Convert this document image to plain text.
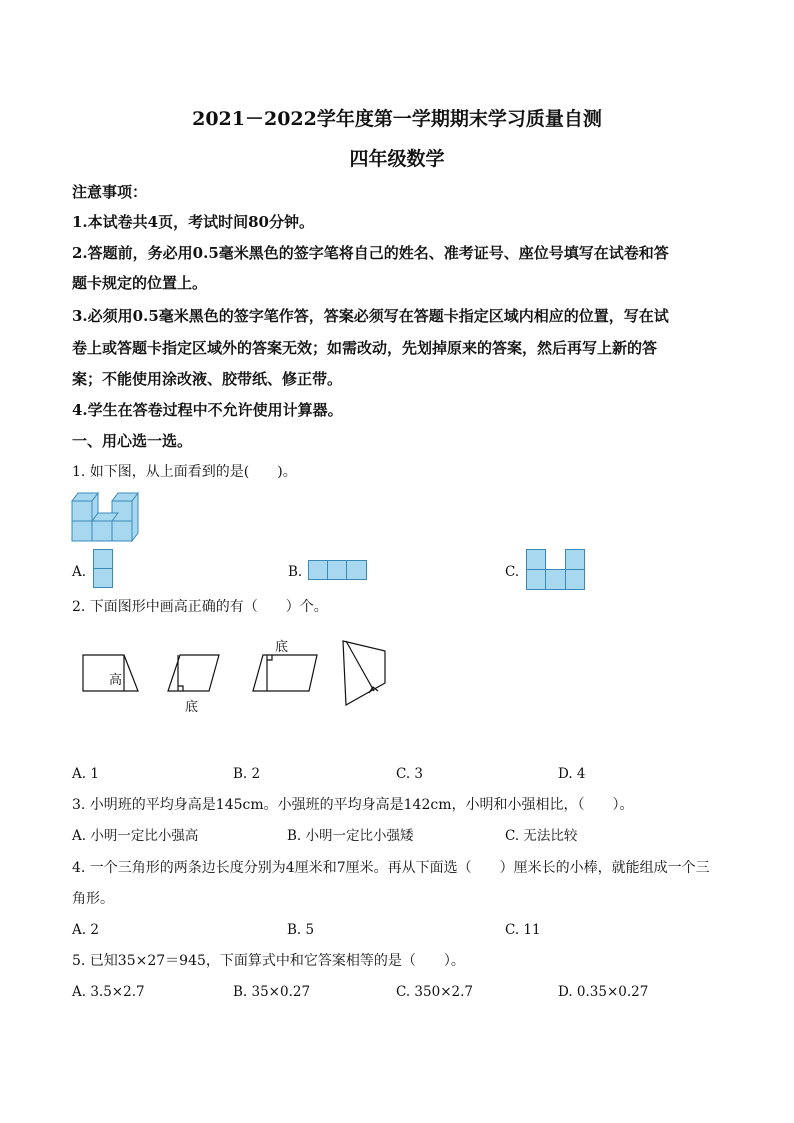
2021－2022学年度第一学期期末学习质量自测
四年级数学
注意事项：
1.本试卷共4页，考试时间80分钟。
2.答题前，务必用0.5毫米黑色的签字笔将自己的姓名、准考证号、座位号填写在试卷和答
题卡规定的位置上。
3.必须用0.5毫米黑色的签字笔作答，答案必须写在答题卡指定区域内相应的位置，写在试
卷上或答题卡指定区域外的答案无效；如需改动，先划掉原来的答案，然后再写上新的答
案；不能使用涂改液、胶带纸、修正带。
4.学生在答卷过程中不允许使用计算器。
一、用心选一选。
1. 如下图，从上面看到的是(　　)。
A.	B.	C.
2. 下面图形中画高正确的有（　　）个。
高
底
底
A. 1	B. 2	C. 3	D. 4
3. 小明班的平均身高是145cm。小强班的平均身高是142cm，小明和小强相比，（　　）。
A. 小明一定比小强高	B. 小明一定比小强矮	C. 无法比较
4. 一个三角形的两条边长度分别为4厘米和7厘米。再从下面选（　　）厘米长的小棒，就能组成一个三
角形。
A. 2	B. 5	C. 11
5. 已知35×27＝945，下面算式中和它答案相等的是（　　）。
A. 3.5×2.7	B. 35×0.27	C. 350×2.7	D. 0.35×0.27
